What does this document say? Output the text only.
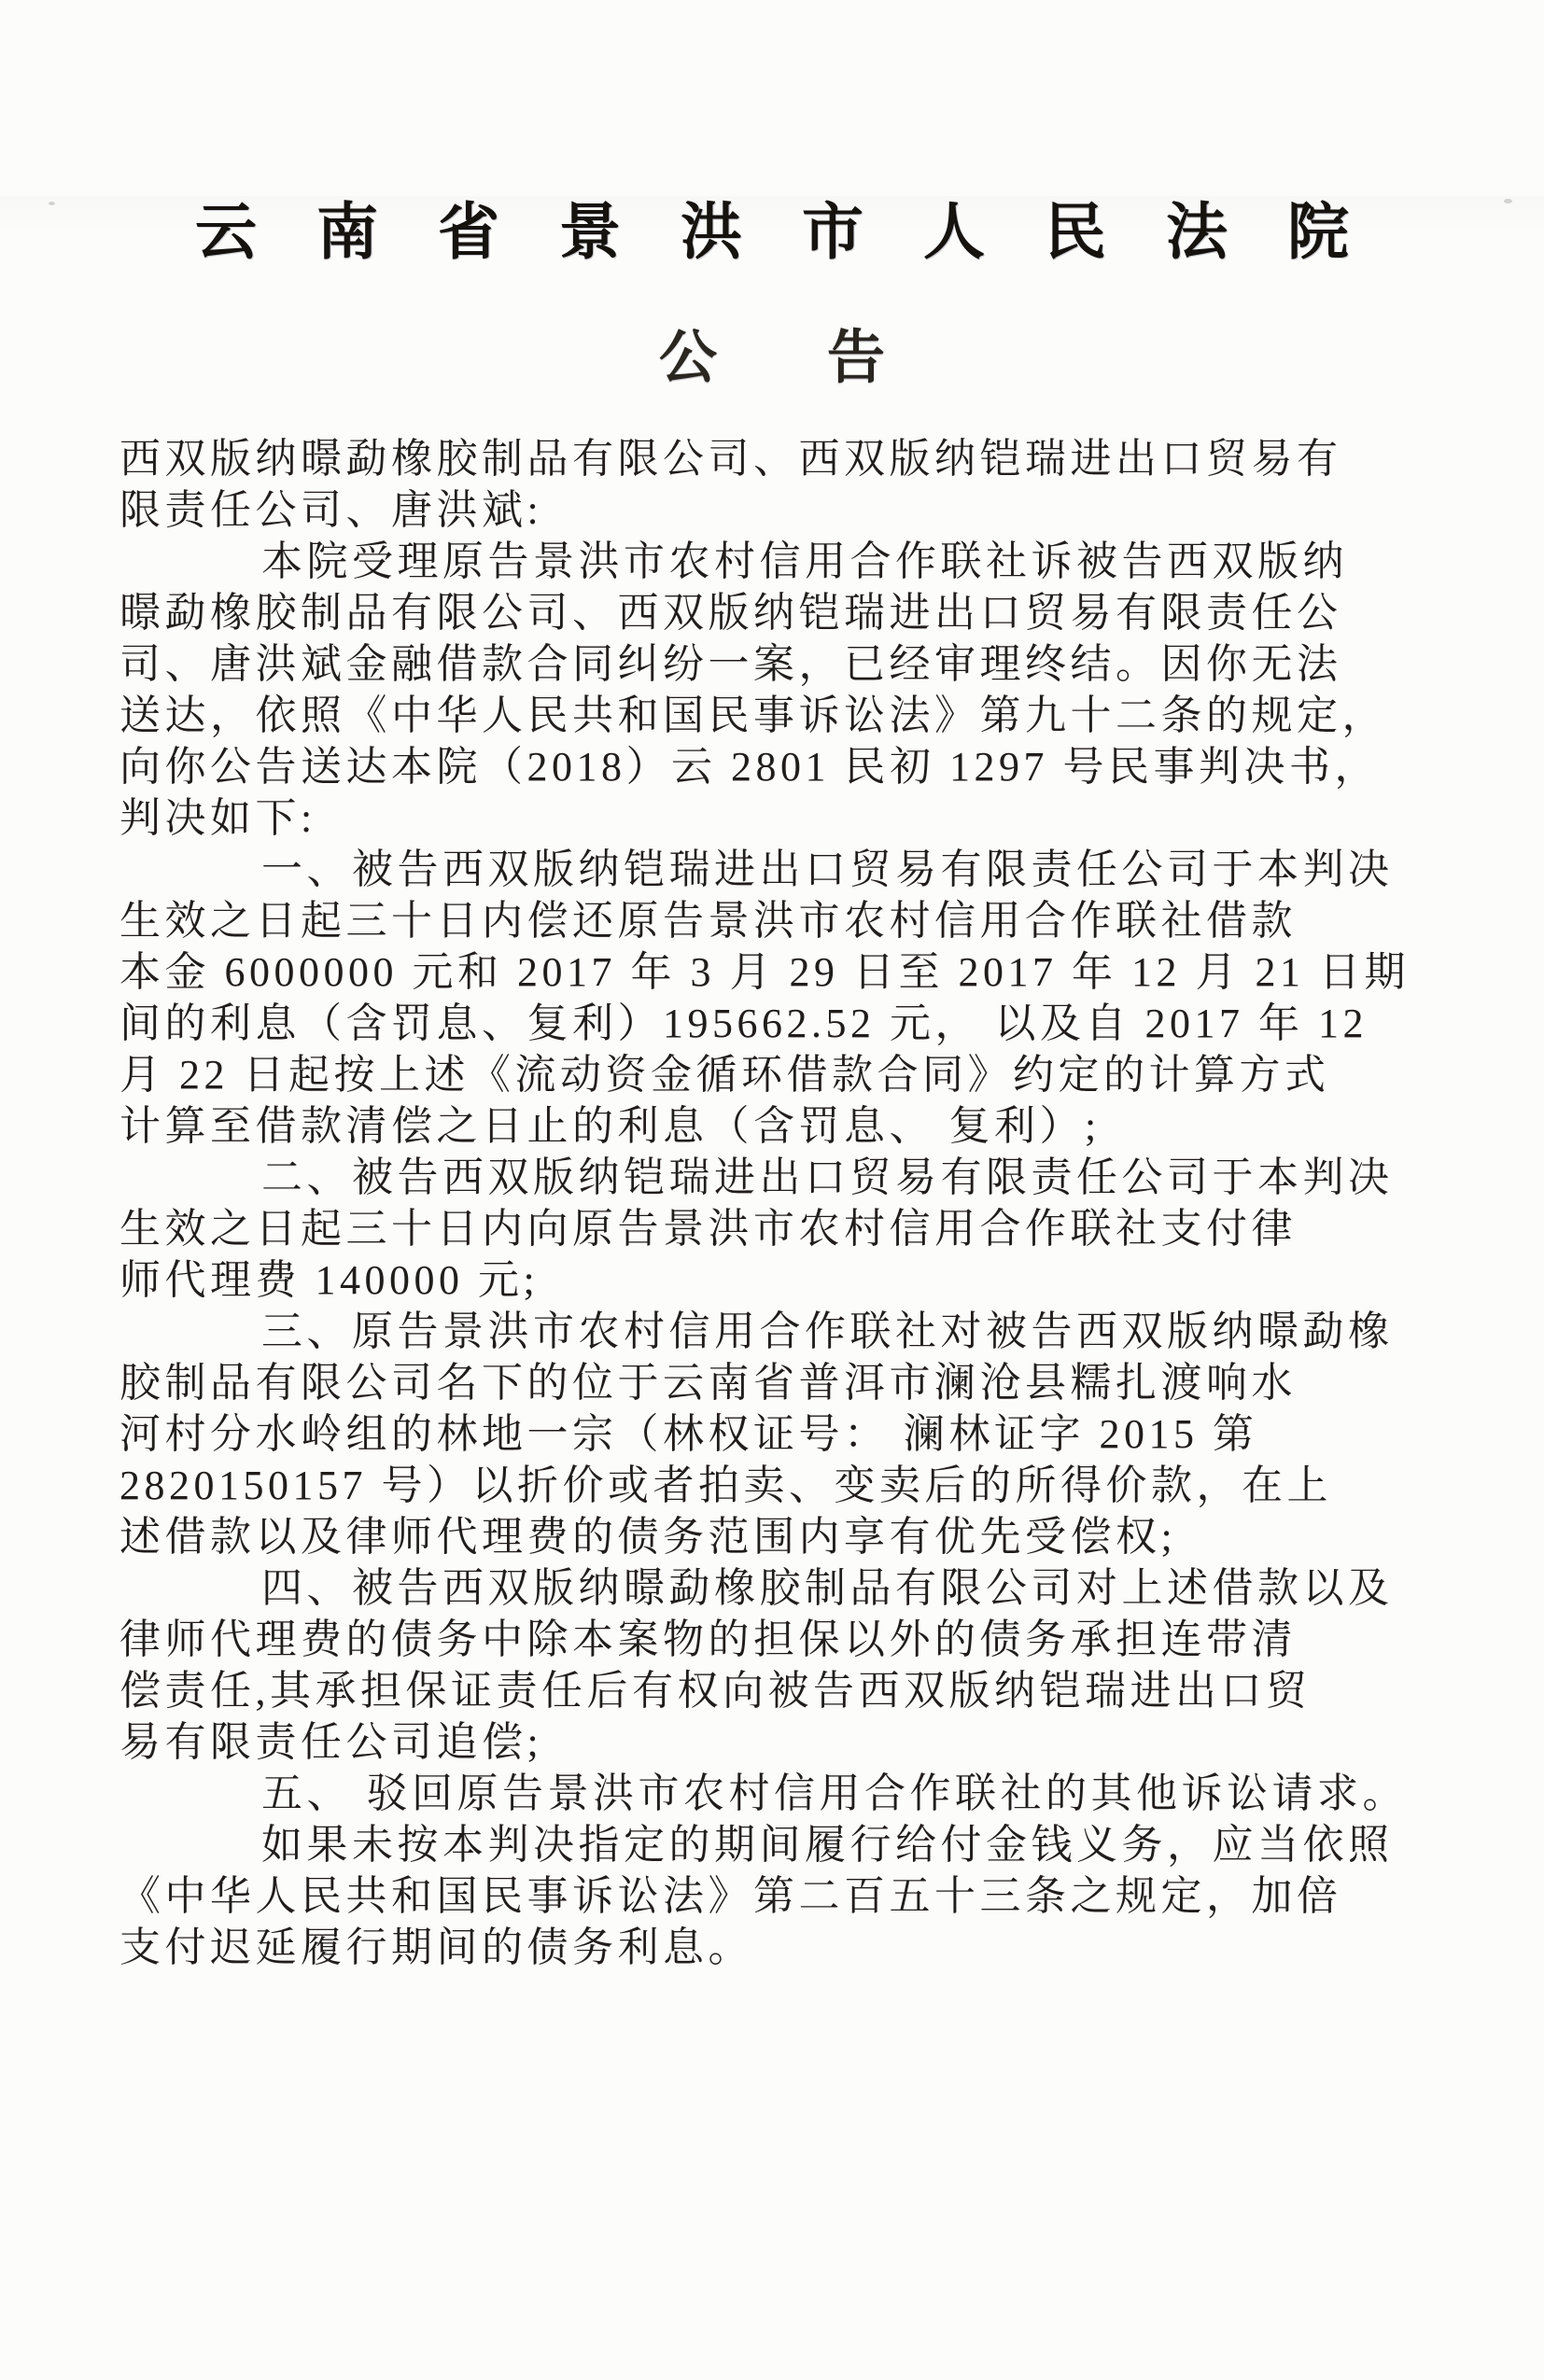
云南省景洪市人民法院
公　告
西双版纳暻勐橡胶制品有限公司、西双版纳铠瑞进出口贸易有
限责任公司、唐洪斌:
本院受理原告景洪市农村信用合作联社诉被告西双版纳
暻勐橡胶制品有限公司、西双版纳铠瑞进出口贸易有限责任公
司、唐洪斌金融借款合同纠纷一案，已经审理终结。因你无法
送达，依照《中华人民共和国民事诉讼法》第九十二条的规定，
向你公告送达本院（2018）云 2801 民初 1297 号民事判决书，
判决如下:
一、被告西双版纳铠瑞进出口贸易有限责任公司于本判决
生效之日起三十日内偿还原告景洪市农村信用合作联社借款
本金 6000000 元和 2017 年 3 月 29 日至 2017 年 12 月 21 日期
间的利息（含罚息、复利）195662.52 元， 以及自 2017 年 12
月 22 日起按上述《流动资金循环借款合同》约定的计算方式
计算至借款清偿之日止的利息（含罚息、 复利）;
二、被告西双版纳铠瑞进出口贸易有限责任公司于本判决
生效之日起三十日内向原告景洪市农村信用合作联社支付律
师代理费 140000 元;
三、原告景洪市农村信用合作联社对被告西双版纳暻勐橡
胶制品有限公司名下的位于云南省普洱市澜沧县糯扎渡响水
河村分水岭组的林地一宗（林权证号： 澜林证字 2015 第
2820150157 号）以折价或者拍卖、变卖后的所得价款，在上
述借款以及律师代理费的债务范围内享有优先受偿权;
四、被告西双版纳暻勐橡胶制品有限公司对上述借款以及
律师代理费的债务中除本案物的担保以外的债务承担连带清
偿责任,其承担保证责任后有权向被告西双版纳铠瑞进出口贸
易有限责任公司追偿;
五、 驳回原告景洪市农村信用合作联社的其他诉讼请求。
如果未按本判决指定的期间履行给付金钱义务，应当依照
《中华人民共和国民事诉讼法》第二百五十三条之规定，加倍
支付迟延履行期间的债务利息。
